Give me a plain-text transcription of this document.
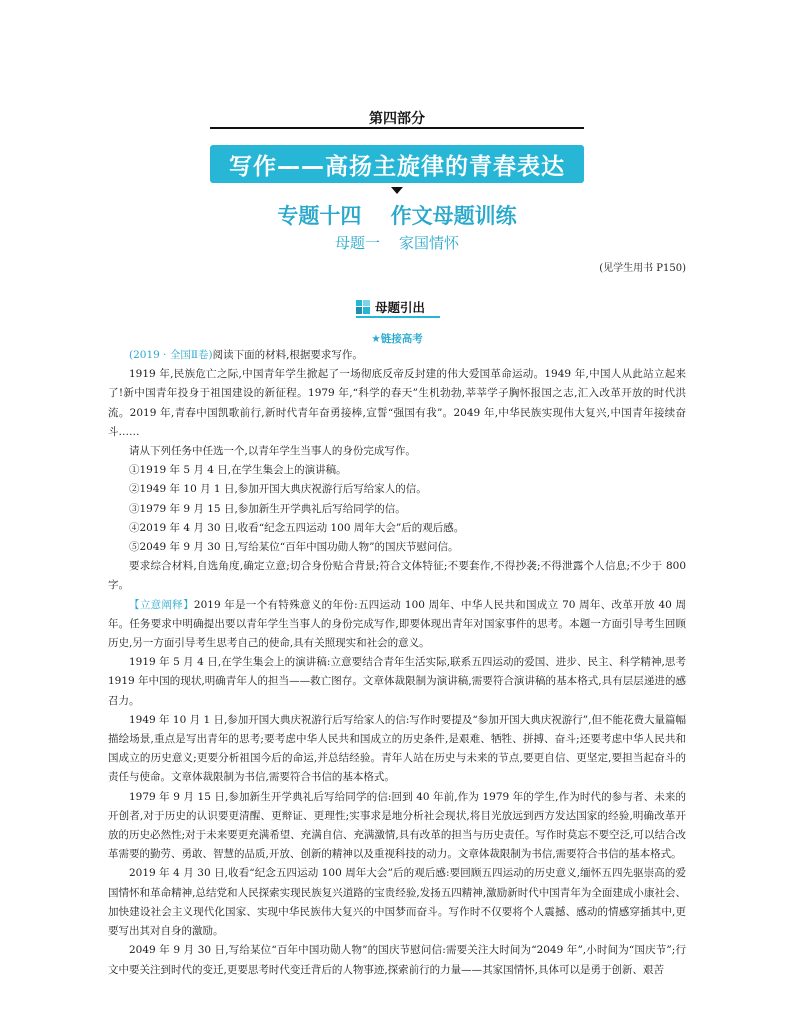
第四部分
写作——高扬主旋律的青春表达
专题十四    作文母题训练
母题一    家国情怀
(见学生用书 P150)
母题引出
★链接高考

(2019 · 全国Ⅱ卷)阅读下面的材料,根据要求写作。

1919 年,民族危亡之际,中国青年学生掀起了一场彻底反帝反封建的伟大爱国革命运动。1949 年,中国人从此站立起来了!新中国青年投身于祖国建设的新征程。1979 年,“科学的春天”生机勃勃,莘莘学子胸怀报国之志,汇入改革开放的时代洪流。2019 年,青春中国凯歌前行,新时代青年奋勇接棒,宣誓“强国有我”。2049 年,中华民族实现伟大复兴,中国青年接续奋斗……

请从下列任务中任选一个,以青年学生当事人的身份完成写作。

①1919 年 5 月 4 日,在学生集会上的演讲稿。

②1949 年 10 月 1 日,参加开国大典庆祝游行后写给家人的信。

③1979 年 9 月 15 日,参加新生开学典礼后写给同学的信。

④2019 年 4 月 30 日,收看“纪念五四运动 100 周年大会”后的观后感。

⑤2049 年 9 月 30 日,写给某位“百年中国功勋人物”的国庆节慰问信。

要求综合材料,自选角度,确定立意;切合身份贴合背景;符合文体特征;不要套作,不得抄袭;不得泄露个人信息;不少于 800 字。

【立意阐释】2019 年是一个有特殊意义的年份:五四运动 100 周年、中华人民共和国成立 70 周年、改革开放 40 周年。任务要求中明确提出要以青年学生当事人的身份完成写作,即要体现出青年对国家事件的思考。本题一方面引导考生回顾历史,另一方面引导考生思考自己的使命,具有关照现实和社会的意义。

1919 年 5 月 4 日,在学生集会上的演讲稿:立意要结合青年生活实际,联系五四运动的爱国、进步、民主、科学精神,思考 1919 年中国的现状,明确青年人的担当——救亡图存。文章体裁限制为演讲稿,需要符合演讲稿的基本格式,具有层层递进的感召力。

1949 年 10 月 1 日,参加开国大典庆祝游行后写给家人的信:写作时要提及“参加开国大典庆祝游行”,但不能花费大量篇幅描绘场景,重点是写出青年的思考;要考虑中华人民共和国成立的历史条件,是艰难、牺牲、拼搏、奋斗;还要考虑中华人民共和国成立的历史意义;更要分析祖国今后的命运,并总结经验。青年人站在历史与未来的节点,要更自信、更坚定,要担当起奋斗的责任与使命。文章体裁限制为书信,需要符合书信的基本格式。

1979 年 9 月 15 日,参加新生开学典礼后写给同学的信:回到 40 年前,作为 1979 年的学生,作为时代的参与者、未来的开创者,对于历史的认识要更清醒、更辩证、更理性;实事求是地分析社会现状,将目光放远到西方发达国家的经验,明确改革开放的历史必然性;对于未来要更充满希望、充满自信、充满激情,具有改革的担当与历史责任。写作时莫忘不要空泛,可以结合改革需要的勤劳、勇敢、智慧的品质,开放、创新的精神以及重视科技的动力。文章体裁限制为书信,需要符合书信的基本格式。

2019 年 4 月 30 日,收看“纪念五四运动 100 周年大会”后的观后感:要回顾五四运动的历史意义,缅怀五四先驱崇高的爱国情怀和革命精神,总结党和人民探索实现民族复兴道路的宝贵经验,发扬五四精神,激励新时代中国青年为全面建成小康社会、加快建设社会主义现代化国家、实现中华民族伟大复兴的中国梦而奋斗。写作时不仅要将个人震撼、感动的情感穿插其中,更要写出其对自身的激励。

2049 年 9 月 30 日,写给某位“百年中国功勋人物”的国庆节慰问信:需要关注大时间为“2049 年”,小时间为“国庆节”;行文中要关注到时代的变迁,更要思考时代变迁背后的人物事迹,探索前行的力量——其家国情怀,具体可以是勇于创新、艰苦
